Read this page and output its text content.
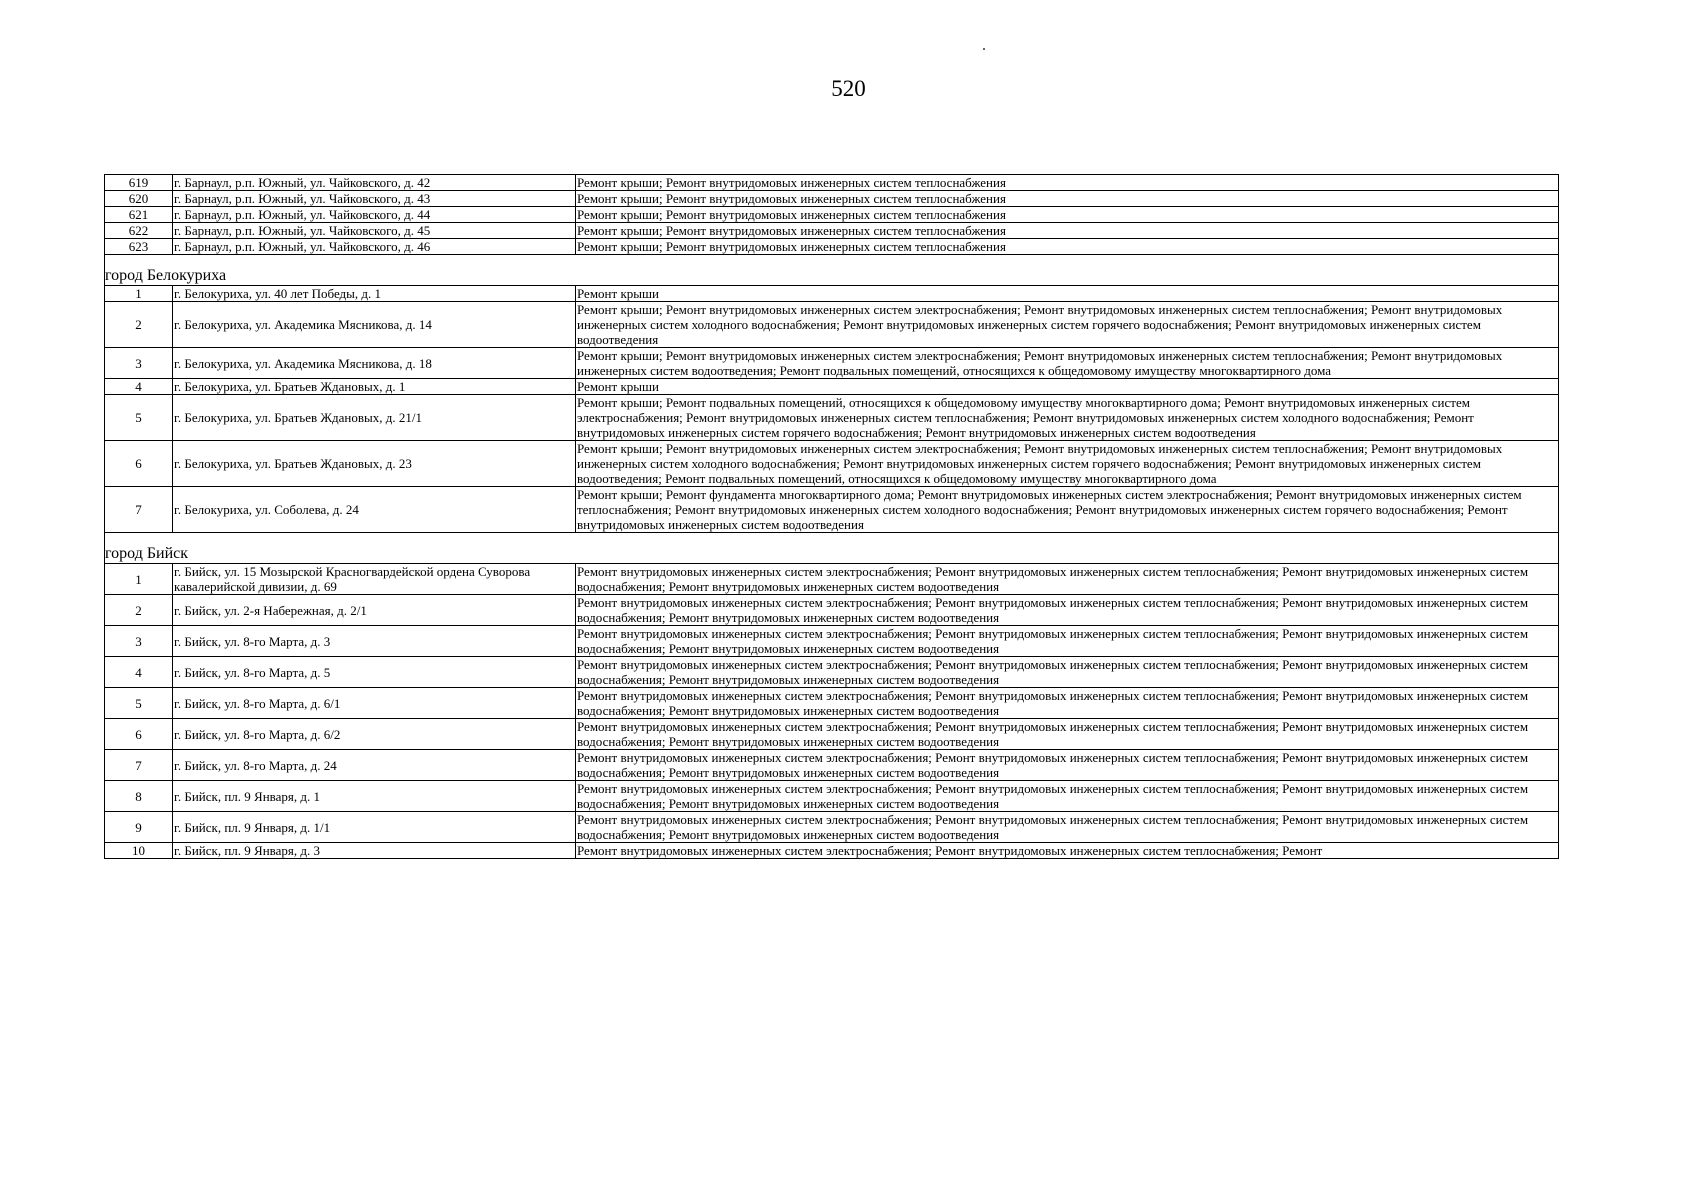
520
619	г. Барнаул, р.п. Южный, ул. Чайковского, д. 42	Ремонт крыши; Ремонт внутридомовых инженерных систем теплоснабжения
620	г. Барнаул, р.п. Южный, ул. Чайковского, д. 43	Ремонт крыши; Ремонт внутридомовых инженерных систем теплоснабжения
621	г. Барнаул, р.п. Южный, ул. Чайковского, д. 44	Ремонт крыши; Ремонт внутридомовых инженерных систем теплоснабжения
622	г. Барнаул, р.п. Южный, ул. Чайковского, д. 45	Ремонт крыши; Ремонт внутридомовых инженерных систем теплоснабжения
623	г. Барнаул, р.п. Южный, ул. Чайковского, д. 46	Ремонт крыши; Ремонт внутридомовых инженерных систем теплоснабжения
город Белокуриха		
1	г. Белокуриха, ул. 40 лет Победы, д. 1	Ремонт крыши
2	г. Белокуриха, ул. Академика Мясникова, д. 14	Ремонт крыши; Ремонт внутридомовых инженерных систем электроснабжения; Ремонт внутридомовых инженерных систем теплоснабжения; Ремонт внутридомовых инженерных систем холодного водоснабжения; Ремонт внутридомовых инженерных систем горячего водоснабжения; Ремонт внутридомовых инженерных систем водоотведения
3	г. Белокуриха, ул. Академика Мясникова, д. 18	Ремонт крыши; Ремонт внутридомовых инженерных систем электроснабжения; Ремонт внутридомовых инженерных систем теплоснабжения; Ремонт внутридомовых инженерных систем водоотведения; Ремонт подвальных помещений, относящихся к общедомовому имуществу многоквартирного дома
4	г. Белокуриха, ул. Братьев Ждановых, д. 1	Ремонт крыши
5	г. Белокуриха, ул. Братьев Ждановых, д. 21/1	Ремонт крыши; Ремонт подвальных помещений, относящихся к общедомовому имуществу многоквартирного дома; Ремонт внутридомовых инженерных систем электроснабжения; Ремонт внутридомовых инженерных систем теплоснабжения; Ремонт внутридомовых инженерных систем холодного водоснабжения; Ремонт внутридомовых инженерных систем горячего водоснабжения; Ремонт внутридомовых инженерных систем водоотведения
6	г. Белокуриха, ул. Братьев Ждановых, д. 23	Ремонт крыши; Ремонт внутридомовых инженерных систем электроснабжения; Ремонт внутридомовых инженерных систем теплоснабжения; Ремонт внутридомовых инженерных систем холодного водоснабжения; Ремонт внутридомовых инженерных систем горячего водоснабжения; Ремонт внутридомовых инженерных систем водоотведения; Ремонт подвальных помещений, относящихся к общедомовому имуществу многоквартирного дома
7	г. Белокуриха, ул. Соболева, д. 24	Ремонт крыши; Ремонт фундамента многоквартирного дома; Ремонт внутридомовых инженерных систем электроснабжения; Ремонт внутридомовых инженерных систем теплоснабжения; Ремонт внутридомовых инженерных систем холодного водоснабжения; Ремонт внутридомовых инженерных систем горячего водоснабжения; Ремонт внутридомовых инженерных систем водоотведения
город Бийск		
1	г. Бийск, ул. 15 Мозырской Красногвардейской ордена Суворова кавалерийской дивизии, д. 69	Ремонт внутридомовых инженерных систем электроснабжения; Ремонт внутридомовых инженерных систем теплоснабжения; Ремонт внутридомовых инженерных систем водоснабжения; Ремонт внутридомовых инженерных систем водоотведения
2	г. Бийск, ул. 2-я Набережная, д. 2/1	Ремонт внутридомовых инженерных систем электроснабжения; Ремонт внутридомовых инженерных систем теплоснабжения; Ремонт внутридомовых инженерных систем водоснабжения; Ремонт внутридомовых инженерных систем водоотведения
3	г. Бийск, ул. 8-го Марта, д. 3	Ремонт внутридомовых инженерных систем электроснабжения; Ремонт внутридомовых инженерных систем теплоснабжения; Ремонт внутридомовых инженерных систем водоснабжения; Ремонт внутридомовых инженерных систем водоотведения
4	г. Бийск, ул. 8-го Марта, д. 5	Ремонт внутридомовых инженерных систем электроснабжения; Ремонт внутридомовых инженерных систем теплоснабжения; Ремонт внутридомовых инженерных систем водоснабжения; Ремонт внутридомовых инженерных систем водоотведения
5	г. Бийск, ул. 8-го Марта, д. 6/1	Ремонт внутридомовых инженерных систем электроснабжения; Ремонт внутридомовых инженерных систем теплоснабжения; Ремонт внутридомовых инженерных систем водоснабжения; Ремонт внутридомовых инженерных систем водоотведения
6	г. Бийск, ул. 8-го Марта, д. 6/2	Ремонт внутридомовых инженерных систем электроснабжения; Ремонт внутридомовых инженерных систем теплоснабжения; Ремонт внутридомовых инженерных систем водоснабжения; Ремонт внутридомовых инженерных систем водоотведения
7	г. Бийск, ул. 8-го Марта, д. 24	Ремонт внутридомовых инженерных систем электроснабжения; Ремонт внутридомовых инженерных систем теплоснабжения; Ремонт внутридомовых инженерных систем водоснабжения; Ремонт внутридомовых инженерных систем водоотведения
8	г. Бийск, пл. 9 Января, д. 1	Ремонт внутридомовых инженерных систем электроснабжения; Ремонт внутридомовых инженерных систем теплоснабжения; Ремонт внутридомовых инженерных систем водоснабжения; Ремонт внутридомовых инженерных систем водоотведения
9	г. Бийск, пл. 9 Января, д. 1/1	Ремонт внутридомовых инженерных систем электроснабжения; Ремонт внутридомовых инженерных систем теплоснабжения; Ремонт внутридомовых инженерных систем водоснабжения; Ремонт внутридомовых инженерных систем водоотведения
10	г. Бийск, пл. 9 Января, д. 3	Ремонт внутридомовых инженерных систем электроснабжения; Ремонт внутридомовых инженерных систем теплоснабжения; Ремонт
